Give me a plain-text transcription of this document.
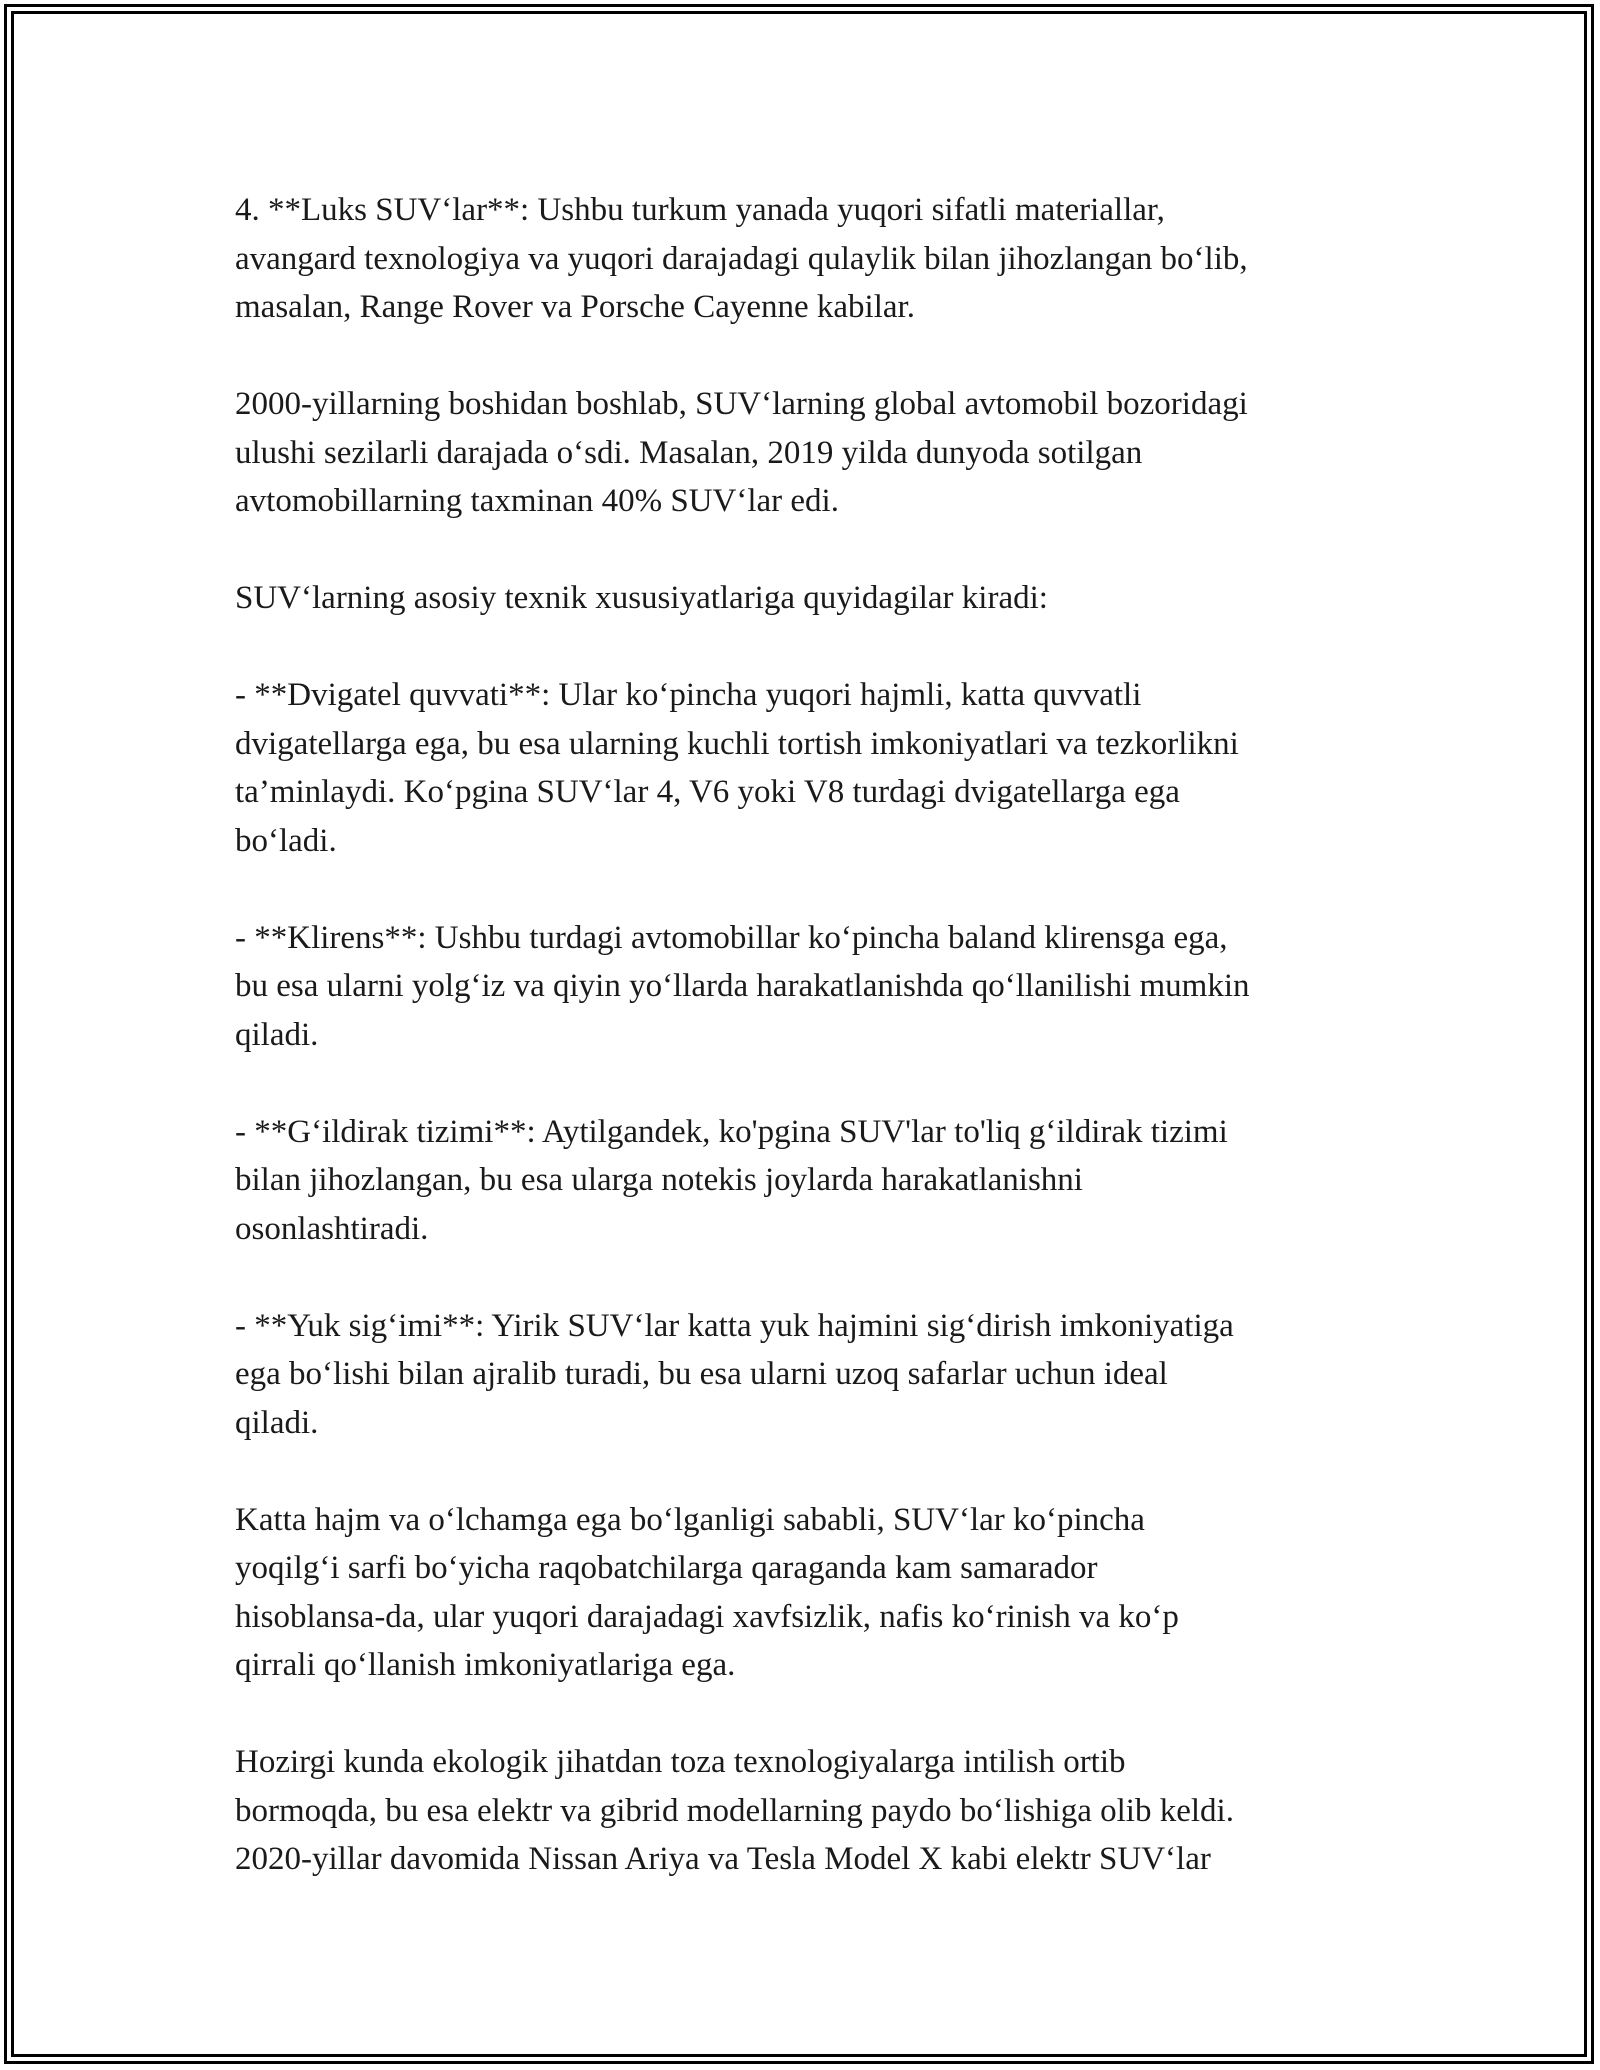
4. **Luks SUV‘lar**: Ushbu turkum yanada yuqori sifatli materiallar,
avangard texnologiya va yuqori darajadagi qulaylik bilan jihozlangan bo‘lib,
masalan, Range Rover va Porsche Cayenne kabilar.

2000-yillarning boshidan boshlab, SUV‘larning global avtomobil bozoridagi
ulushi sezilarli darajada o‘sdi. Masalan, 2019 yilda dunyoda sotilgan
avtomobillarning taxminan 40% SUV‘lar edi.

SUV‘larning asosiy texnik xususiyatlariga quyidagilar kiradi:

- **Dvigatel quvvati**: Ular ko‘pincha yuqori hajmli, katta quvvatli
dvigatellarga ega, bu esa ularning kuchli tortish imkoniyatlari va tezkorlikni
ta’minlaydi. Ko‘pgina SUV‘lar 4, V6 yoki V8 turdagi dvigatellarga ega
bo‘ladi.

- **Klirens**: Ushbu turdagi avtomobillar ko‘pincha baland klirensga ega,
bu esa ularni yolg‘iz va qiyin yo‘llarda harakatlanishda qo‘llanilishi mumkin
qiladi.

- **G‘ildirak tizimi**: Aytilgandek, ko'pgina SUV'lar to'liq g‘ildirak tizimi
bilan jihozlangan, bu esa ularga notekis joylarda harakatlanishni
osonlashtiradi.

- **Yuk sig‘imi**: Yirik SUV‘lar katta yuk hajmini sig‘dirish imkoniyatiga
ega bo‘lishi bilan ajralib turadi, bu esa ularni uzoq safarlar uchun ideal
qiladi.

Katta hajm va o‘lchamga ega bo‘lganligi sababli, SUV‘lar ko‘pincha
yoqilg‘i sarfi bo‘yicha raqobatchilarga qaraganda kam samarador
hisoblansa-da, ular yuqori darajadagi xavfsizlik, nafis ko‘rinish va ko‘p
qirrali qo‘llanish imkoniyatlariga ega.

Hozirgi kunda ekologik jihatdan toza texnologiyalarga intilish ortib
bormoqda, bu esa elektr va gibrid modellarning paydo bo‘lishiga olib keldi.
2020-yillar davomida Nissan Ariya va Tesla Model X kabi elektr SUV‘lar
